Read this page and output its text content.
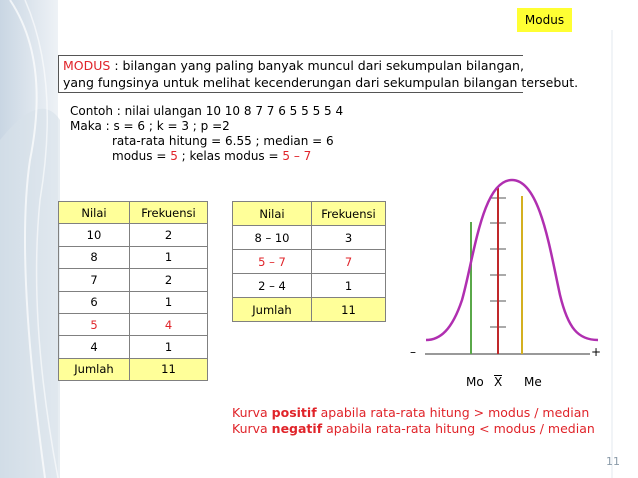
Modus
MODUS : bilangan yang paling banyak muncul dari sekumpulan bilangan,
yang fungsinya untuk melihat kecenderungan dari sekumpulan bilangan tersebut.
Contoh : nilai ulangan 10 10 8 7 7 6 5 5 5 5 4
Maka : s = 6 ; k = 3 ; p =2
rata-rata hitung = 6.55 ; median = 6
modus = 5 ; kelas modus = 5 – 7
Nilai	Frekuensi
10	2
8	1
7	2
6	1
5	4
4	1
Jumlah	11
Nilai	Frekuensi
8 – 10	3
5 – 7	7
2 – 4	1
Jumlah	11
–	+
Mo X Me
Kurva positif apabila rata-rata hitung > modus / median
Kurva negatif apabila rata-rata hitung < modus / median
11
